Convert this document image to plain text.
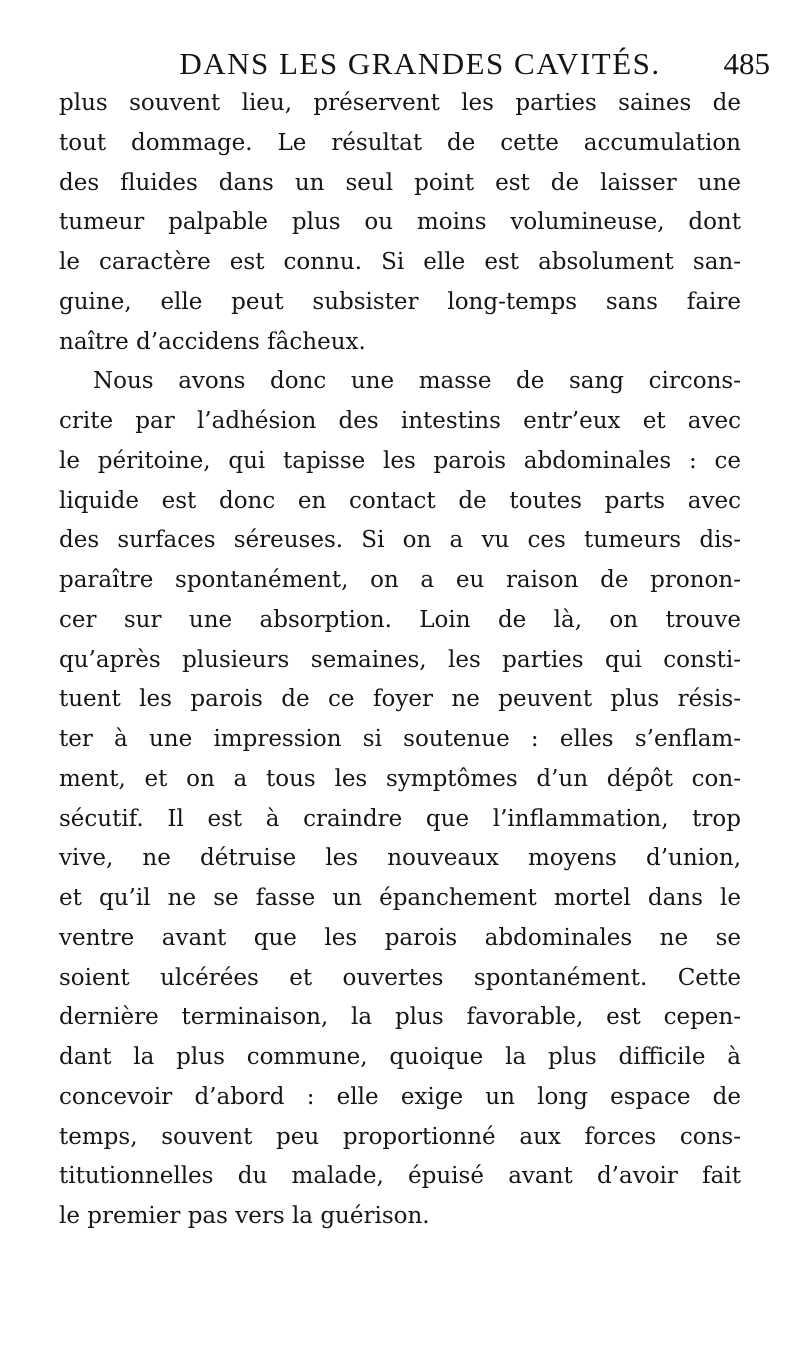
DANS LES GRANDES CAVITÉS.	485
plus souvent lieu, préservent les parties saines de
tout dommage. Le résultat de cette accumulation
des fluides dans un seul point est de laisser une
tumeur palpable plus ou moins volumineuse, dont
le caractère est connu. Si elle est absolument san-
guine, elle peut subsister long-temps sans faire
naître d’accidens fâcheux.
Nous avons donc une masse de sang circons-
crite par l’adhésion des intestins entr’eux et avec
le péritoine, qui tapisse les parois abdominales : ce
liquide est donc en contact de toutes parts avec
des surfaces séreuses. Si on a vu ces tumeurs dis-
paraître spontanément, on a eu raison de pronon-
cer sur une absorption. Loin de là, on trouve
qu’après plusieurs semaines, les parties qui consti-
tuent les parois de ce foyer ne peuvent plus résis-
ter à une impression si soutenue : elles s’enflam-
ment, et on a tous les symptômes d’un dépôt con-
sécutif. Il est à craindre que l’inflammation, trop
vive, ne détruise les nouveaux moyens d’union,
et qu’il ne se fasse un épanchement mortel dans le
ventre avant que les parois abdominales ne se
soient ulcérées et ouvertes spontanément. Cette
dernière terminaison, la plus favorable, est cepen-
dant la plus commune, quoique la plus difficile à
concevoir d’abord : elle exige un long espace de
temps, souvent peu proportionné aux forces cons-
titutionnelles du malade, épuisé avant d’avoir fait
le premier pas vers la guérison.
